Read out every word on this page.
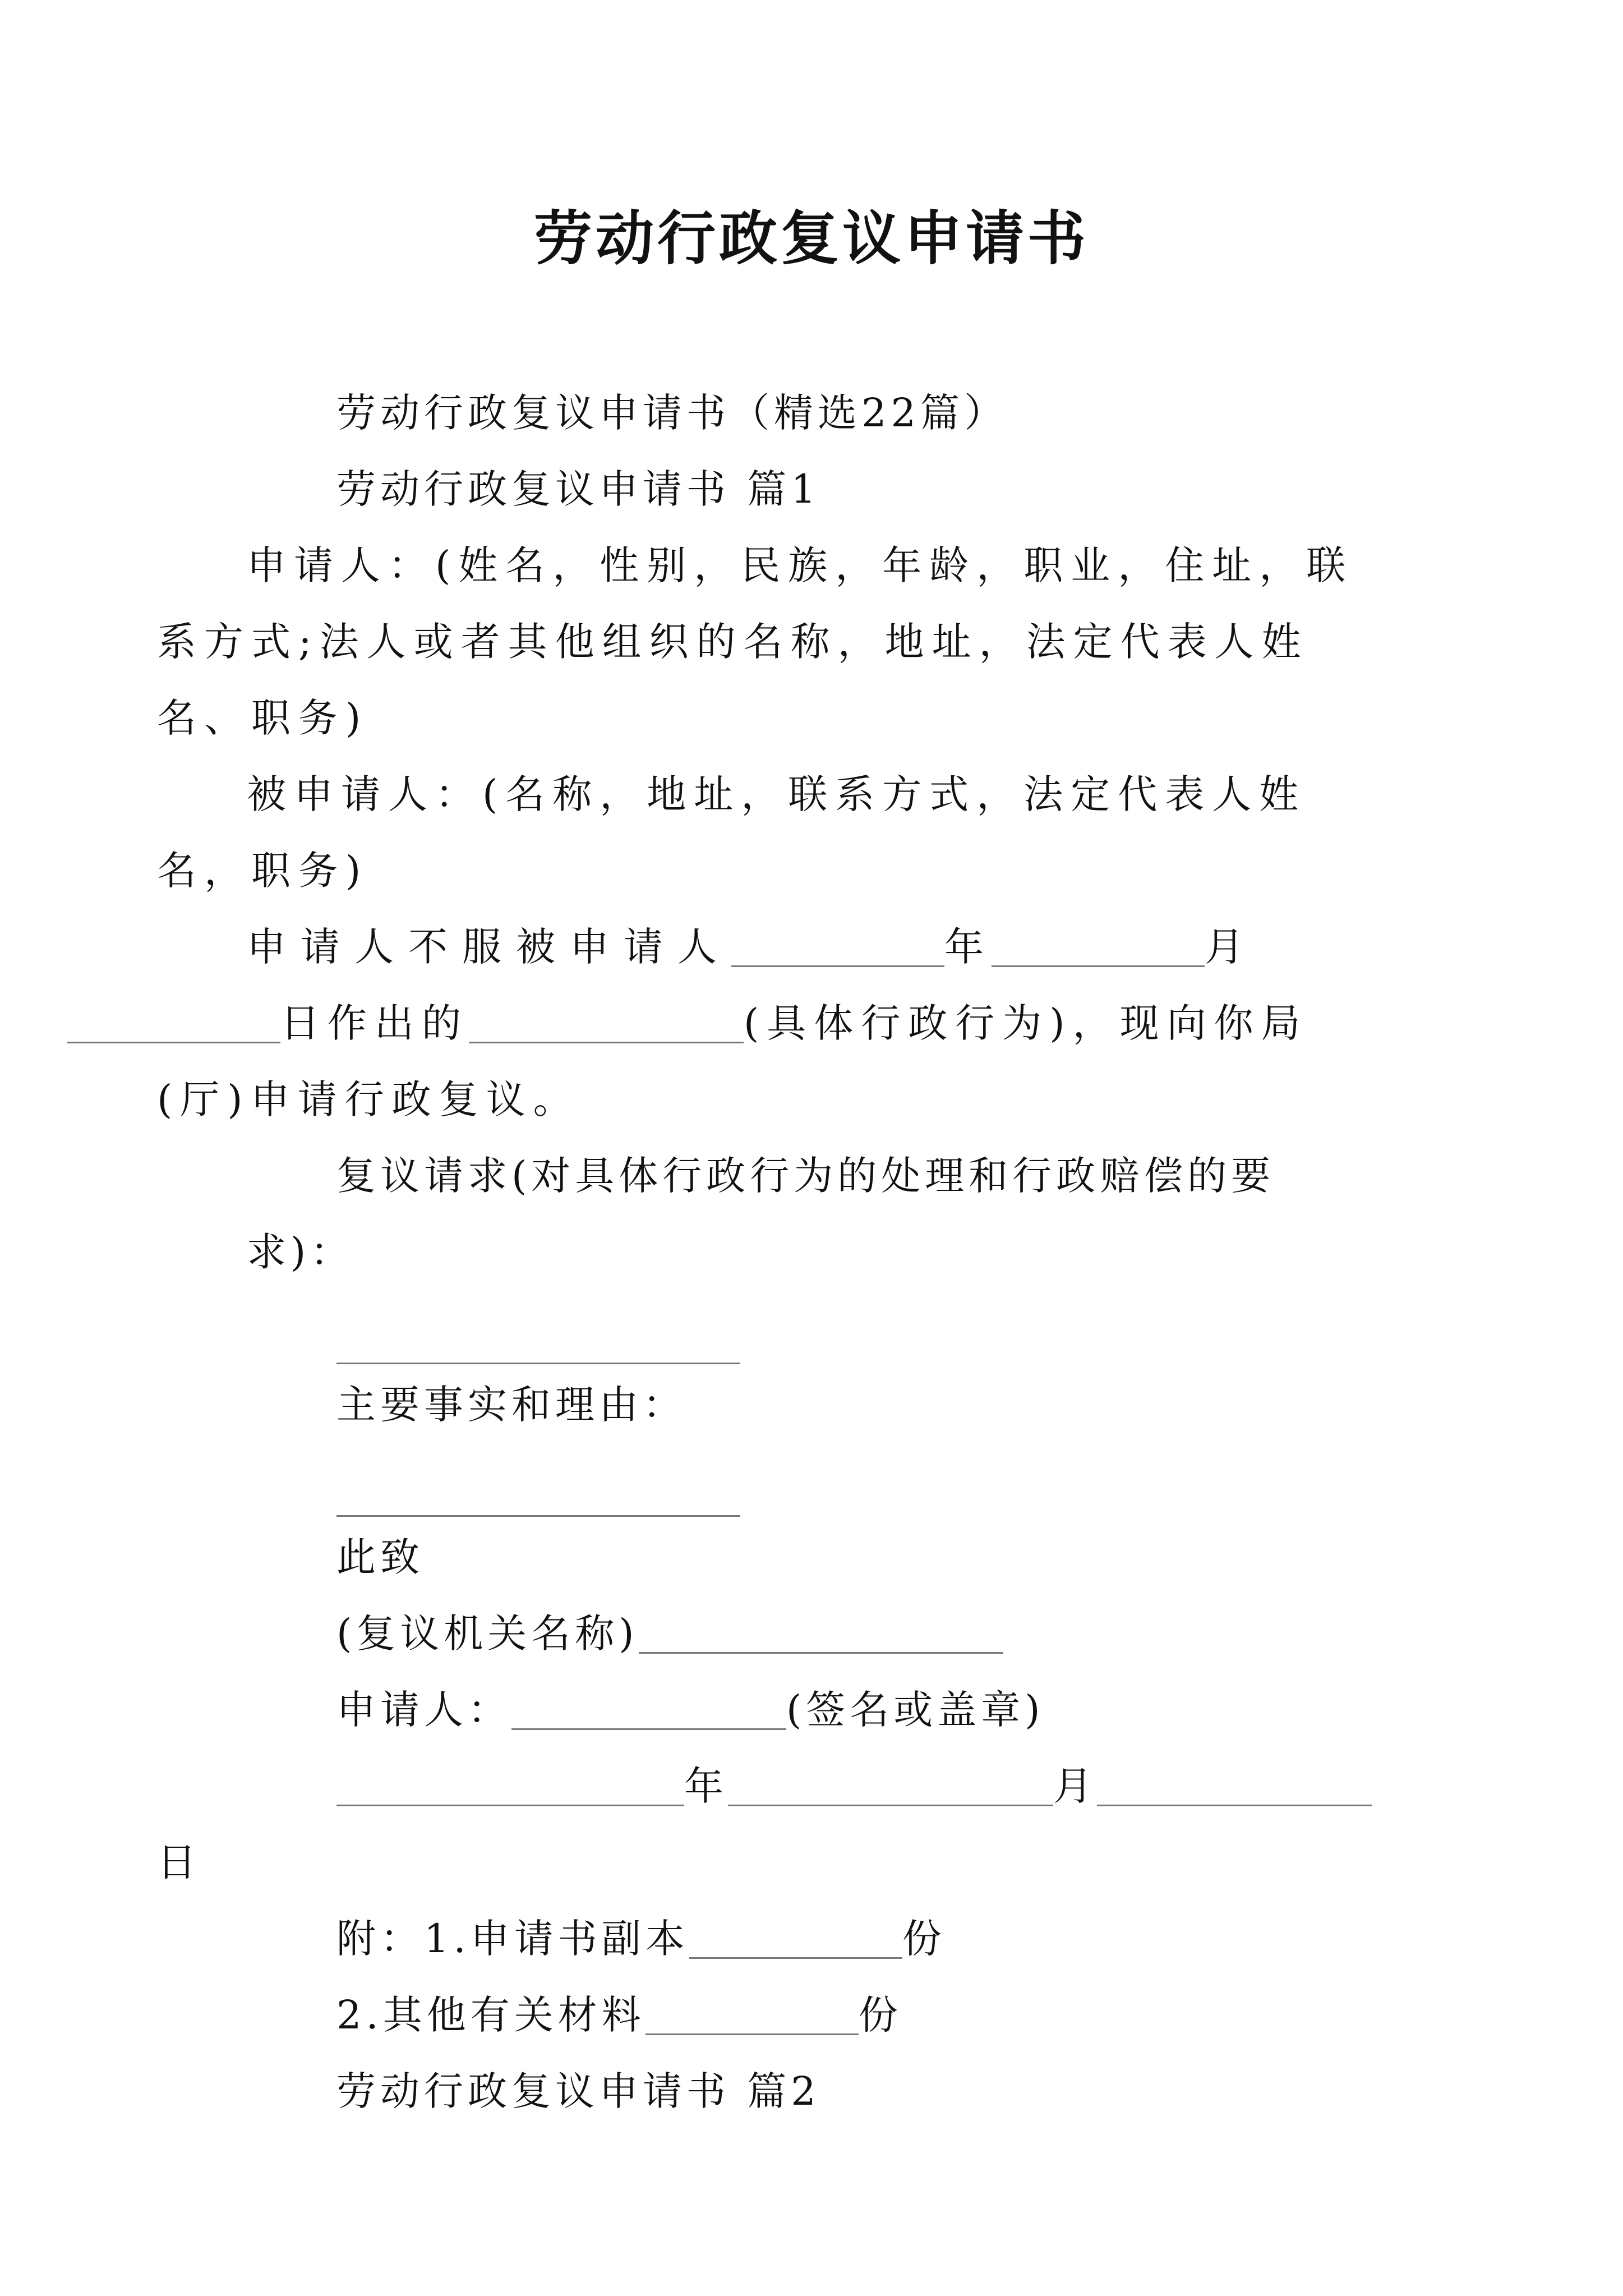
劳动行政复议申请书

劳动行政复议申请书（精选22篇）

劳动行政复议申请书 篇1

申请人：(姓名，性别，民族，年龄，职业，住址，联系方式;法人或者其他组织的名称，地址，法定代表人姓名、职务)

被申请人：(名称，地址，联系方式，法定代表人姓名，职务)

申请人不服被申请人	年	月
日作出的	(具体行政行为)，现向你局(厅)申请行政复议。

复议请求(对具体行政行为的处理和行政赔偿的要求)：

主要事实和理由：

此致

(复议机关名称)

申请人：	(签名或盖章)

年	月

日

附：1.申请书副本	份

2.其他有关材料	份

劳动行政复议申请书 篇2
